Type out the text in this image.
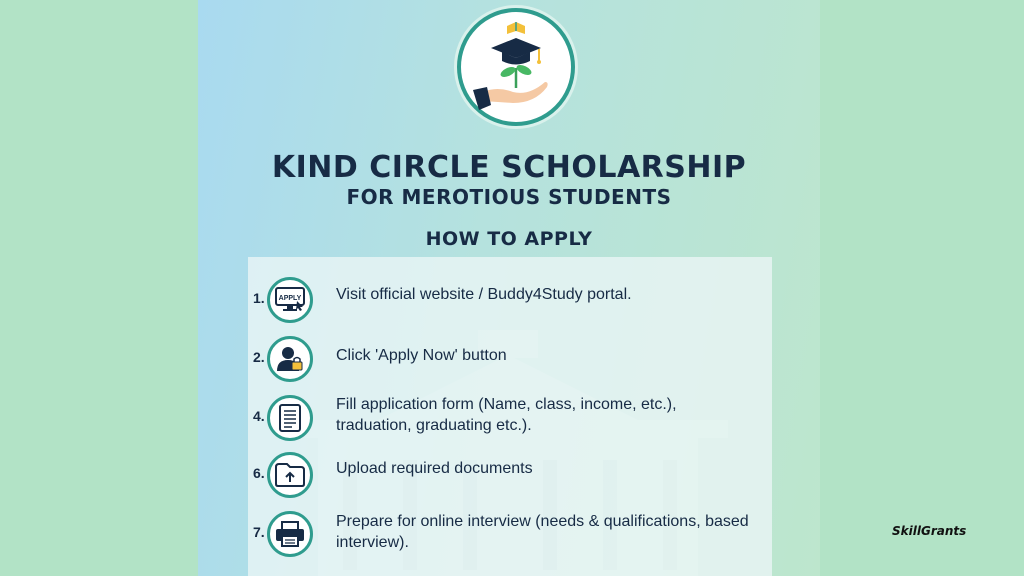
KIND CIRCLE SCHOLARSHIP
FOR MEROTIOUS STUDENTS
HOW TO APPLY
1.	APPLY Visit official website / Buddy4Study portal.
2.	Click 'Apply Now' button
4.
Fill application form (Name, class, income, etc.), traduation, graduating etc.).
6.	Upload required documents
7.
Prepare for online interview (needs & qualifications, based interview).
SkillGrants
